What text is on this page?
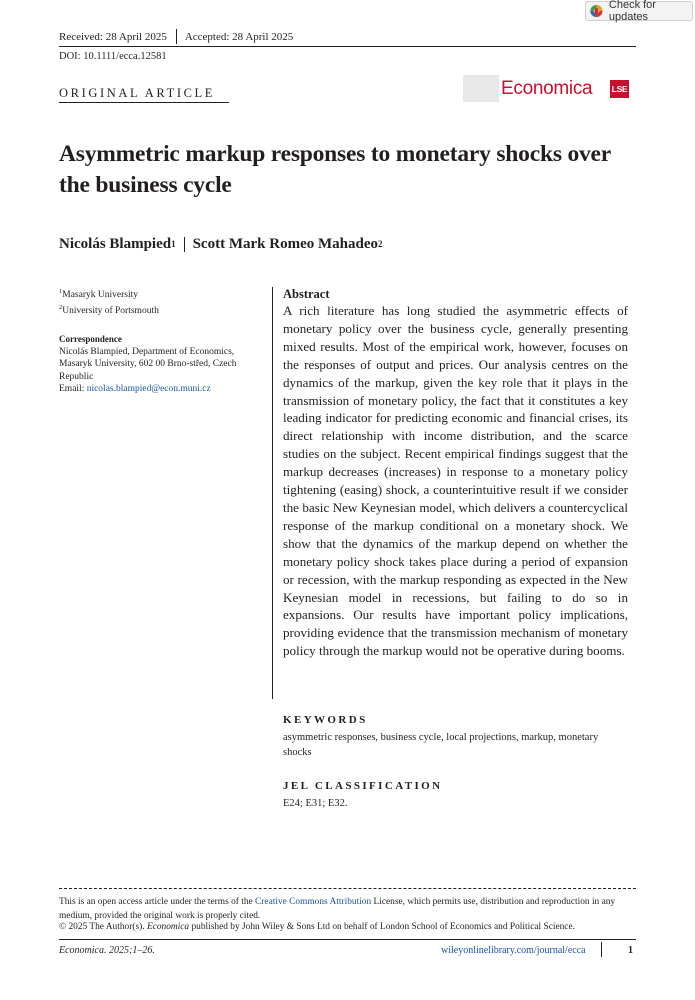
Check for updates
Received: 28 April 2025 Accepted: 28 April 2025
DOI: 10.1111/ecca.12581
ORIGINAL ARTICLE	Economica LSE
Asymmetric markup responses to monetary shocks over the business cycle
Nicolás Blampied$^1$ Scott Mark Romeo Mahadeo$^2$
$^1$Masaryk University
$^2$University of Portsmouth
Correspondence
Nicolás Blampied, Department of Economics, Masaryk University, 602 00 Brno-střed, Czech Republic
Email: nicolas.blampied@econ.muni.cz
Abstract
A rich literature has long studied the asymmetric effects of monetary policy over the business cycle, generally presenting mixed results. Most of the empirical work, however, focuses on the responses of output and prices. Our analysis centres on the dynamics of the markup, given the key role that it plays in the transmission of monetary policy, the fact that it constitutes a key leading indicator for predicting economic and financial crises, its direct relationship with income distribution, and the scarce studies on the subject. Recent empirical findings suggest that the markup decreases (increases) in response to a monetary policy tightening (easing) shock, a counterintuitive result if we consider the basic New Keynesian model, which delivers a countercyclical response of the markup conditional on a monetary shock. We show that the dynamics of the markup depend on whether the monetary policy shock takes place during a period of expansion or recession, with the markup responding as expected in the New Keynesian model in recessions, but failing to do so in expansions. Our results have important policy implications, providing evidence that the transmission mechanism of monetary policy through the markup would not be operative during booms.
KEYWORDS
asymmetric responses, business cycle, local projections, markup, monetary shocks
JEL CLASSIFICATION
E24; E31; E32.
This is an open access article under the terms of the Creative Commons Attribution License, which permits use, distribution and reproduction in any medium, provided the original work is properly cited.
© 2025 The Author(s). Economica published by John Wiley & Sons Ltd on behalf of London School of Economics and Political Science.
Economica. 2025;1–26.	wileyonlinelibrary.com/journal/ecca	1
